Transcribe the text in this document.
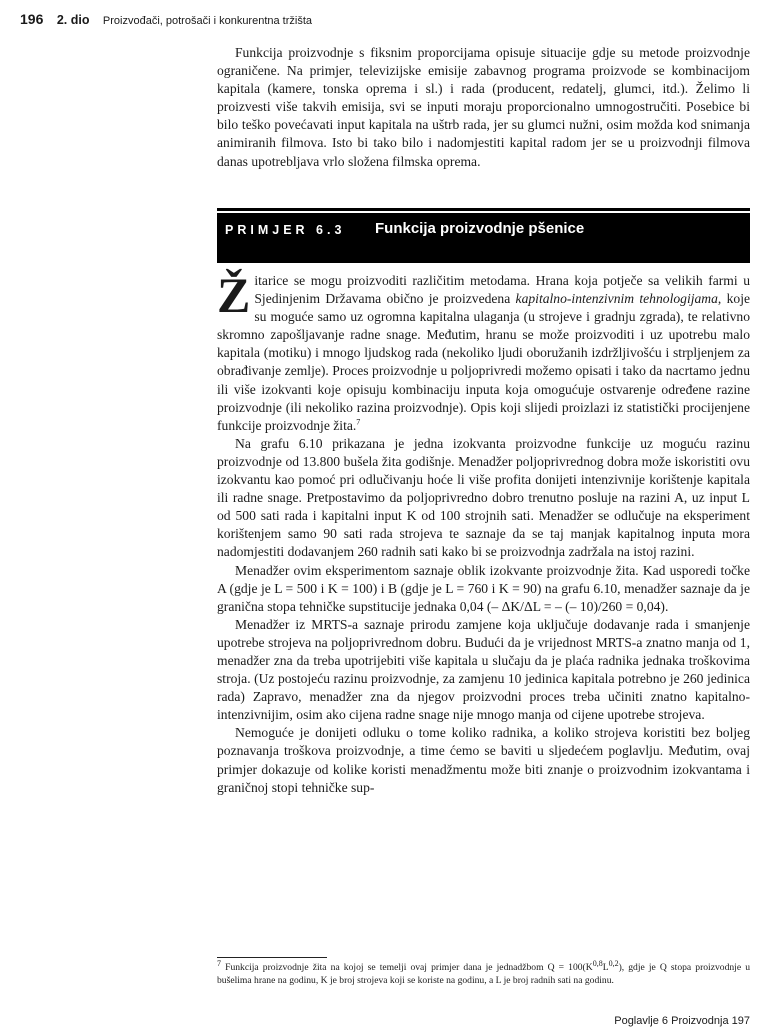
196 2. dio Proizvođači, potrošači i konkurentna tržišta

Funkcija proizvodnje s fiksnim proporcijama opisuje situacije gdje su metode proizvodnje ograničene. Na primjer, televizijske emisije zabavnog programa proizvode se kombinacijom kapitala (kamere, tonska oprema i sl.) i rada (producent, redatelj, glumci, itd.). Želimo li proizvesti više takvih emisija, svi se inputi moraju proporcionalno umnogostručiti. Posebice bi bilo teško povećavati input kapitala na uštrb rada, jer su glumci nužni, osim možda kod snimanja animiranih filmova. Isto bi tako bilo i nadomjestiti kapital radom jer se u proizvodnji filmova danas upotrebljava vrlo složena filmska oprema.

PRIMJER 6.3 Funkcija proizvodnje pšenice

Žitarice se mogu proizvoditi različitim metodama. Hrana koja potječe sa velikih farmi u Sjedinjenim Državama obično je proizvedena kapitalno-intenzivnim tehnologijama, koje su moguće samo uz ogromna kapitalna ulaganja (u strojeve i gradnju zgrada), te relativno skromno zapošljavanje radne snage. Međutim, hranu se može proizvoditi i uz upotrebu malo kapitala (motiku) i mnogo ljudskog rada (nekoliko ljudi oboružanih izdržljivošću i strpljenjem za obrađivanje zemlje). Proces proizvodnje u poljoprivredi možemo opisati i tako da nacrtamo jednu ili više izokvanti koje opisuju kombinaciju inputa koja omogućuje ostvarenje određene razine proizvodnje (ili nekoliko razina proizvodnje). Opis koji slijedi proizlazi iz statistički procijenjene funkcije proizvodnje žita.$^7$

Na grafu 6.10 prikazana je jedna izokvanta proizvodne funkcije uz moguću razinu proizvodnje od 13.800 bušela žita godišnje. Menadžer poljoprivrednog dobra može iskoristiti ovu izokvantu kao pomoć pri odlučivanju hoće li više profita donijeti intenzivnije korištenje kapitala ili radne snage. Pretpostavimo da poljoprivredno dobro trenutno posluje na razini A, uz input L od 500 sati rada i kapitalni input K od 100 strojnih sati. Menadžer se odlučuje na eksperiment korištenjem samo 90 sati rada strojeva te saznaje da se taj manjak kapitalnog inputa mora nadomjestiti dodavanjem 260 radnih sati kako bi se proizvodnja zadržala na istoj razini.

Menadžer ovim eksperimentom saznaje oblik izokvante proizvodnje žita. Kad usporedi točke A (gdje je L = 500 i K = 100) i B (gdje je L = 760 i K = 90) na grafu 6.10, menadžer saznaje da je granična stopa tehničke supstitucije jednaka 0,04 (– ΔK/ΔL = – (– 10)/260 = 0,04).

Menadžer iz MRTS-a saznaje prirodu zamjene koja uključuje dodavanje rada i smanjenje upotrebe strojeva na poljoprivrednom dobru. Budući da je vrijednost MRTS-a znatno manja od 1, menadžer zna da treba upotrijebiti više kapitala u slučaju da je plaća radnika jednaka troškovima stroja. (Uz postojeću razinu proizvodnje, za zamjenu 10 jedinica kapitala potrebno je 260 jedinica rada) Zapravo, menadžer zna da njegov proizvodni proces treba učiniti znatno kapitalno-intenzivnijim, osim ako cijena radne snage nije mnogo manja od cijene upotrebe strojeva.

Nemoguće je donijeti odluku o tome koliko radnika, a koliko strojeva koristiti bez boljeg poznavanja troškova proizvodnje, a time ćemo se baviti u sljedećem poglavlju. Međutim, ovaj primjer dokazuje od kolike koristi menadžmentu može biti znanje o proizvodnim izokvantama i graničnoj stopi tehničke sup-

$^7$ Funkcija proizvodnje žita na kojoj se temelji ovaj primjer dana je jednadžbom $Q = 100(K^{0,8}L^{0,2})$, gdje je Q stopa proizvodnje u bušelima hrane na godinu, K je broj strojeva koji se koriste na godinu, a L je broj radnih sati na godinu.
Poglavlje 6 Proizvodnja 197
